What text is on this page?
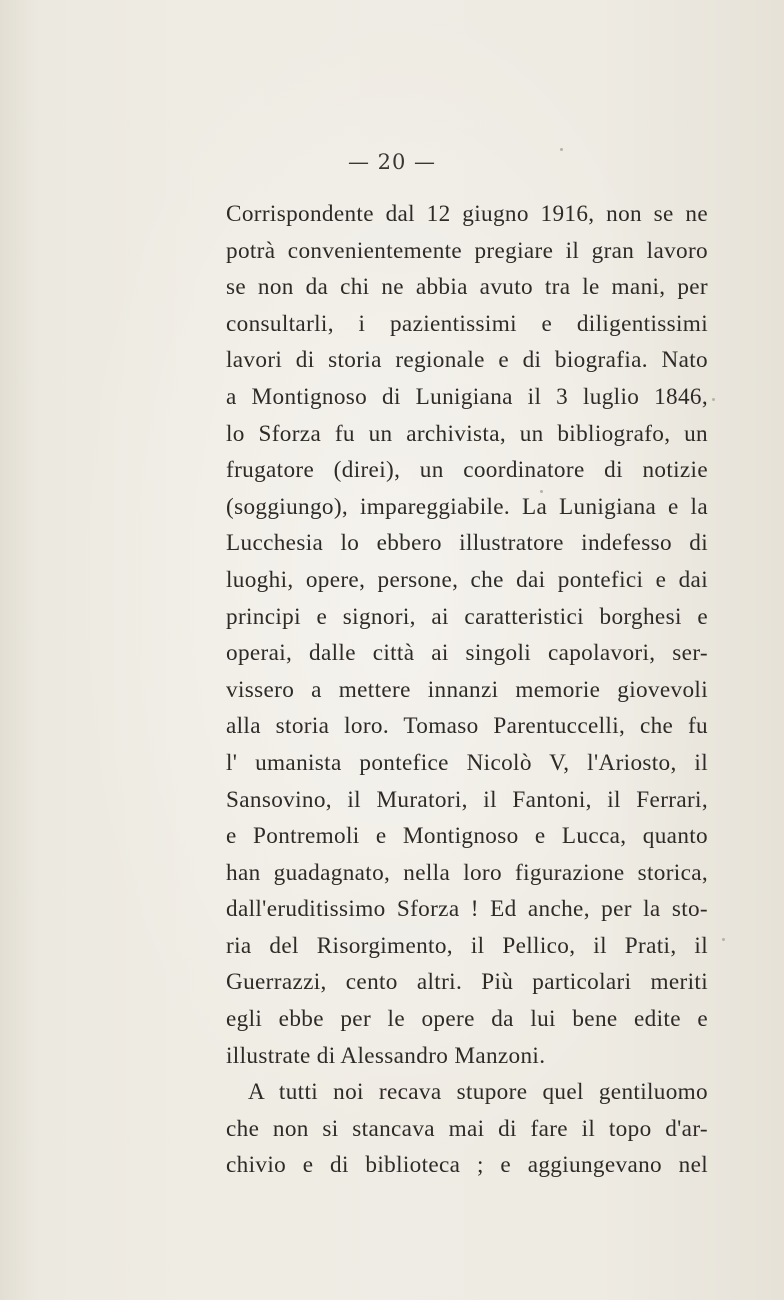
— 20 —
Corrispondente dal 12 giugno 1916, non se ne
potrà convenientemente pregiare il gran lavoro
se non da chi ne abbia avuto tra le mani, per
consultarli, i pazientissimi e diligentissimi
lavori di storia regionale e di biografia. Nato
a Montignoso di Lunigiana il 3 luglio 1846,
lo Sforza fu un archivista, un bibliografo, un
frugatore (direi), un coordinatore di notizie
(soggiungo), impareggiabile. La Lunigiana e la
Lucchesia lo ebbero illustratore indefesso di
luoghi, opere, persone, che dai pontefici e dai
principi e signori, ai caratteristici borghesi e
operai, dalle città ai singoli capolavori, ser-
vissero a mettere innanzi memorie giovevoli
alla storia loro. Tomaso Parentuccelli, che fu
l' umanista pontefice Nicolò V, l'Ariosto, il
Sansovino, il Muratori, il Fantoni, il Ferrari,
e Pontremoli e Montignoso e Lucca, quanto
han guadagnato, nella loro figurazione storica,
dall'eruditissimo Sforza ! Ed anche, per la sto-
ria del Risorgimento, il Pellico, il Prati, il
Guerrazzi, cento altri. Più particolari meriti
egli ebbe per le opere da lui bene edite e
illustrate di Alessandro Manzoni.
A tutti noi recava stupore quel gentiluomo
che non si stancava mai di fare il topo d'ar-
chivio e di biblioteca ; e aggiungevano nel
